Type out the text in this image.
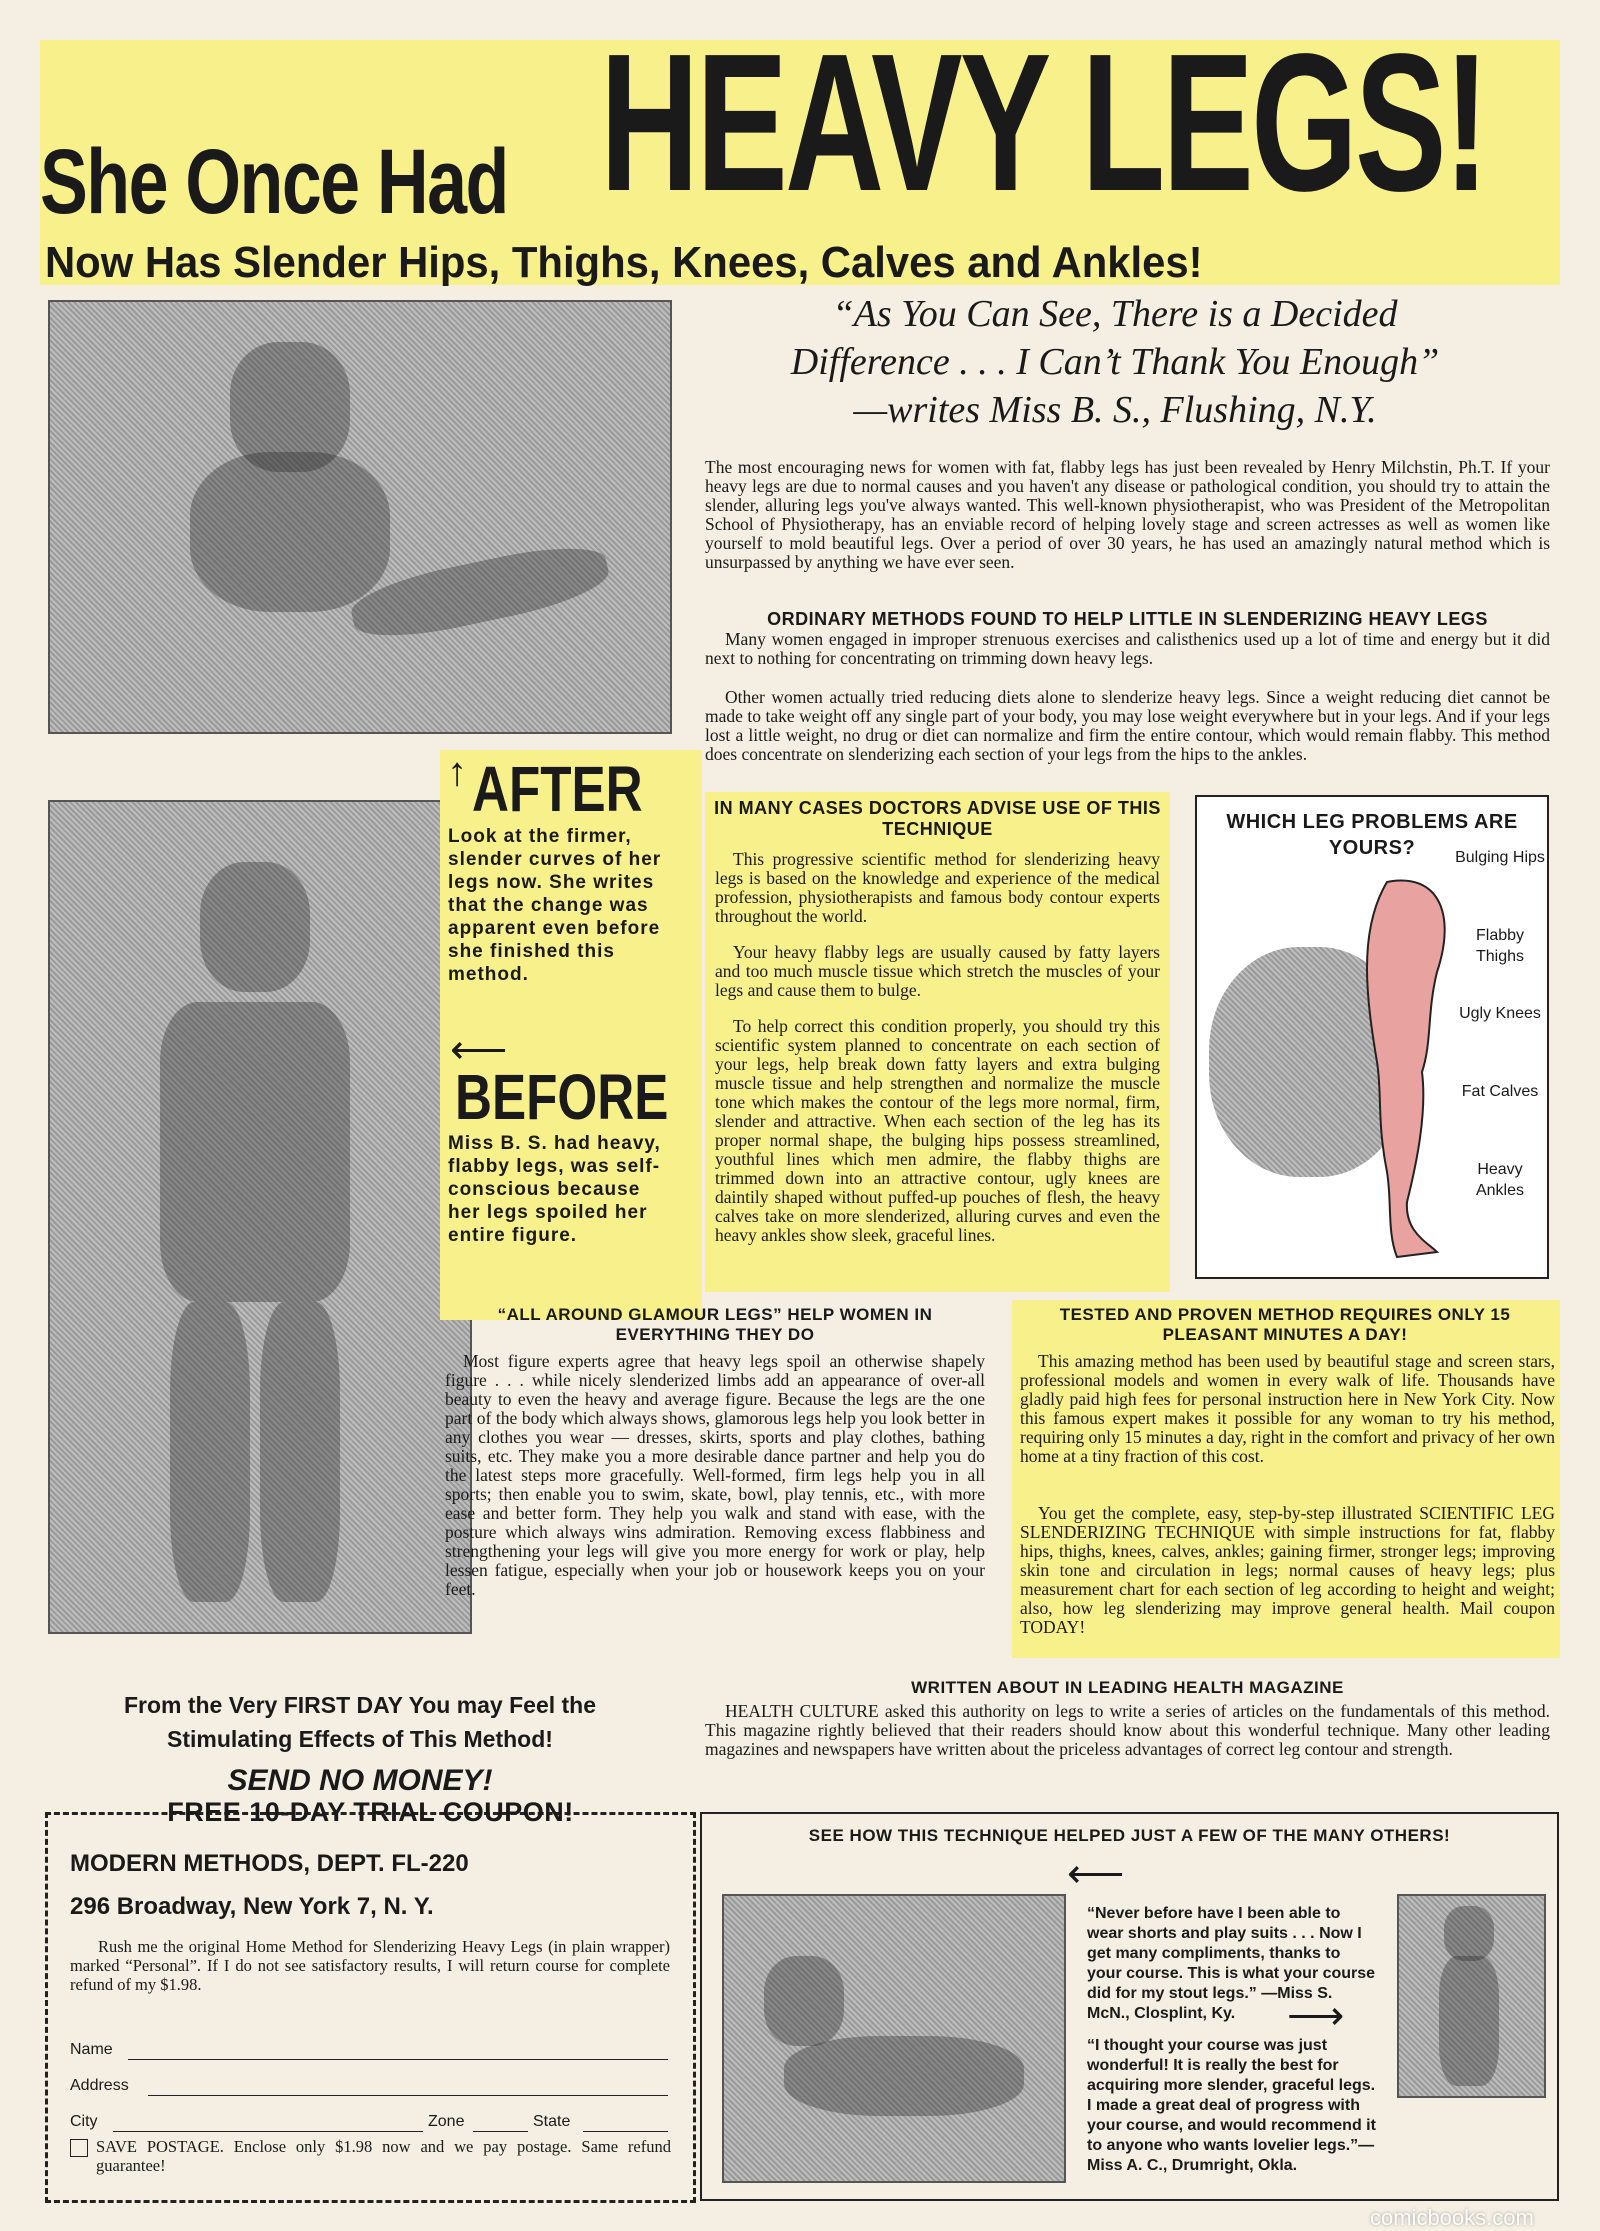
She Once Had HEAVY LEGS!
Now Has Slender Hips, Thighs, Knees, Calves and Ankles!
“As You Can See, There is a Decided
Difference . . . I Can’t Thank You Enough”
—writes Miss B. S., Flushing, N.Y.
The most encouraging news for women with fat, flabby legs has just been revealed by Henry Milchstin, Ph.T. If your heavy legs are due to normal causes and you haven't any disease or pathological condition, you should try to attain the slender, alluring legs you've always wanted. This well-known physiotherapist, who was President of the Metropolitan School of Physiotherapy, has an enviable record of helping lovely stage and screen actresses as well as women like yourself to mold beautiful legs. Over a period of over 30 years, he has used an amazingly natural method which is unsurpassed by anything we have ever seen.
ORDINARY METHODS FOUND TO HELP LITTLE IN SLENDERIZING HEAVY LEGS
Many women engaged in improper strenuous exercises and calisthenics used up a lot of time and energy but it did next to nothing for concentrating on trimming down heavy legs.
Other women actually tried reducing diets alone to slenderize heavy legs. Since a weight reducing diet cannot be made to take weight off any single part of your body, you may lose weight everywhere but in your legs. And if your legs lost a little weight, no drug or diet can normalize and firm the entire contour, which would remain flabby. This method does concentrate on slenderizing each section of your legs from the hips to the ankles.
↑ AFTER
Look at the firmer, slender curves of her legs now. She writes that the change was apparent even before she finished this method.
⟵
BEFORE
Miss B. S. had heavy, flabby legs, was self-conscious because her legs spoiled her entire figure.
IN MANY CASES DOCTORS ADVISE USE OF THIS TECHNIQUE
This progressive scientific method for slenderizing heavy legs is based on the knowledge and experience of the medical profession, physiotherapists and famous body contour experts throughout the world.
Your heavy flabby legs are usually caused by fatty layers and too much muscle tissue which stretch the muscles of your legs and cause them to bulge.
To help correct this condition properly, you should try this scientific system planned to concentrate on each section of your legs, help break down fatty layers and extra bulging muscle tissue and help strengthen and normalize the muscle tone which makes the contour of the legs more normal, firm, slender and attractive. When each section of the leg has its proper normal shape, the bulging hips possess streamlined, youthful lines which men admire, the flabby thighs are trimmed down into an attractive contour, ugly knees are daintily shaped without puffed-up pouches of flesh, the heavy calves take on more slenderized, alluring curves and even the heavy ankles show sleek, graceful lines.
WHICH LEG PROBLEMS ARE YOURS?	Bulging Hips
Flabby Thighs
Ugly Knees
Fat Calves
Heavy Ankles
“ALL AROUND GLAMOUR LEGS” HELP WOMEN IN EVERYTHING THEY DO
Most figure experts agree that heavy legs spoil an otherwise shapely figure . . . while nicely slenderized limbs add an appearance of over-all beauty to even the heavy and average figure. Because the legs are the one part of the body which always shows, glamorous legs help you look better in any clothes you wear — dresses, skirts, sports and play clothes, bathing suits, etc. They make you a more desirable dance partner and help you do the latest steps more gracefully. Well-formed, firm legs help you in all sports; then enable you to swim, skate, bowl, play tennis, etc., with more ease and better form. They help you walk and stand with ease, with the posture which always wins admiration. Removing excess flabbiness and strengthening your legs will give you more energy for work or play, help lessen fatigue, especially when your job or housework keeps you on your feet.
TESTED AND PROVEN METHOD REQUIRES ONLY 15 PLEASANT MINUTES A DAY!
This amazing method has been used by beautiful stage and screen stars, professional models and women in every walk of life. Thousands have gladly paid high fees for personal instruction here in New York City. Now this famous expert makes it possible for any woman to try his method, requiring only 15 minutes a day, right in the comfort and privacy of her own home at a tiny fraction of this cost.
You get the complete, easy, step-by-step illustrated SCIENTIFIC LEG SLENDERIZING TECHNIQUE with simple instructions for fat, flabby hips, thighs, knees, calves, ankles; gaining firmer, stronger legs; improving skin tone and circulation in legs; normal causes of heavy legs; plus measurement chart for each section of leg according to height and weight; also, how leg slenderizing may improve general health. Mail coupon TODAY!
WRITTEN ABOUT IN LEADING HEALTH MAGAZINE
HEALTH CULTURE asked this authority on legs to write a series of articles on the fundamentals of this method. This magazine rightly believed that their readers should know about this wonderful technique. Many other leading magazines and newspapers have written about the priceless advantages of correct leg contour and strength.
From the Very FIRST DAY You may Feel the
Stimulating Effects of This Method!
SEND NO MONEY!
FREE 10-DAY TRIAL COUPON!
MODERN METHODS, DEPT. FL-220
296 Broadway, New York 7, N. Y.
Rush me the original Home Method for Slenderizing Heavy Legs (in plain wrapper) marked “Personal”. If I do not see satisfactory results, I will return course for complete refund of my $1.98.
Name
Address
City	Zone	State
SAVE POSTAGE. Enclose only $1.98 now and we pay postage. Same refund guarantee!
SEE HOW THIS TECHNIQUE HELPED JUST A FEW OF THE MANY OTHERS!
⟵
“Never before have I been able to wear shorts and play suits . . . Now I get many compliments, thanks to your course. This is what your course did for my stout legs.” —Miss S. McN., Closplint, Ky.	⟶
“I thought your course was just wonderful! It is really the best for acquiring more slender, graceful legs. I made a great deal of progress with your course, and would recommend it to anyone who wants lovelier legs.”—Miss A. C., Drumright, Okla.
comicbooks.com
